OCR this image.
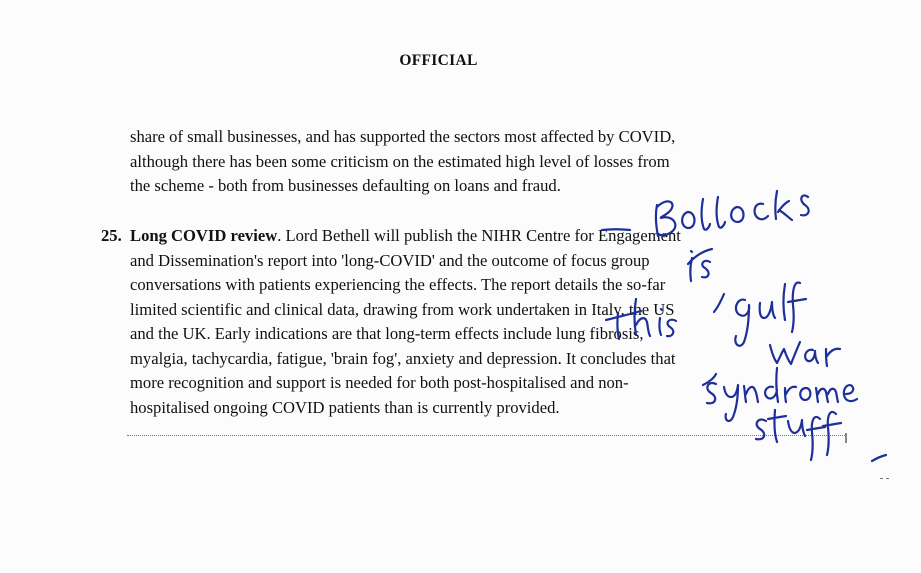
OFFICIAL
share of small businesses, and has supported the sectors most affected by COVID,
although there has been some criticism on the estimated high level of losses from
the scheme - both from businesses defaulting on loans and fraud.
25. Long COVID review. Lord Bethell will publish the NIHR Centre for Engagement
and Dissemination's report into 'long-COVID' and the outcome of focus group
conversations with patients experiencing the effects. The report details the so-far
limited scientific and clinical data, drawing from work undertaken in Italy, the US
and the UK. Early indications are that long-term effects include lung fibrosis,
myalgia, tachycardia, fatigue, 'brain fog', anxiety and depression. It concludes that
more recognition and support is needed for both post-hospitalised and non-
hospitalised ongoing COVID patients than is currently provided.
